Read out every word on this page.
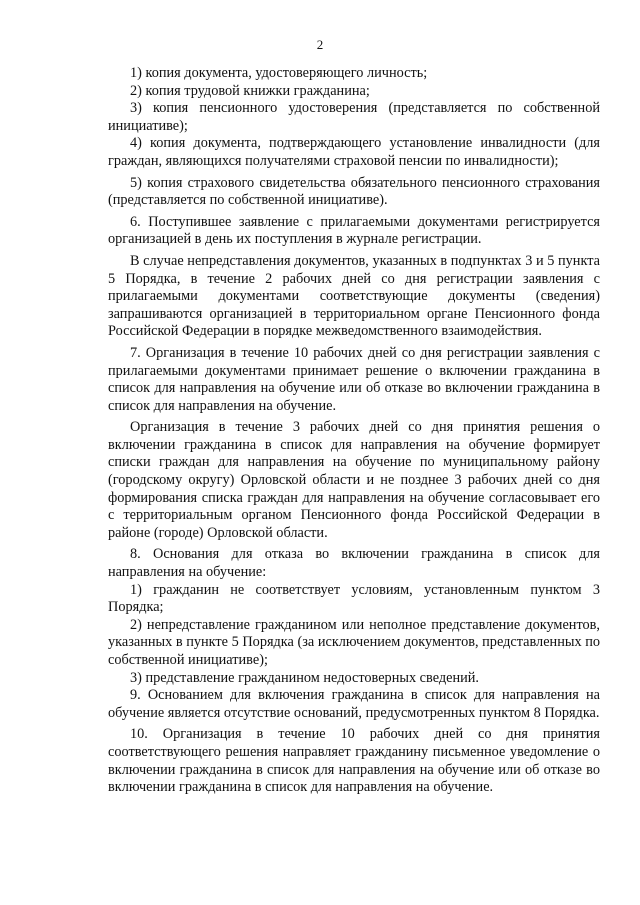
2

1) копия документа, удостоверяющего личность;

2) копия трудовой книжки гражданина;

3) копия пенсионного удостоверения (представляется по собственной инициативе);

4) копия документа, подтверждающего установление инвалидности (для граждан, являющихся получателями страховой пенсии по инвалидности);

5) копия страхового свидетельства обязательного пенсионного страхования (представляется по собственной инициативе).

6. Поступившее заявление с прилагаемыми документами регистрируется организацией в день их поступления в журнале регистрации.

В случае непредставления документов, указанных в подпунктах 3 и 5 пункта 5 Порядка, в течение 2 рабочих дней со дня регистрации заявления с прилагаемыми документами соответствующие документы (сведения) запрашиваются организацией в территориальном органе Пенсионного фонда Российской Федерации в порядке межведомственного взаимодействия.

7. Организация в течение 10 рабочих дней со дня регистрации заявления с прилагаемыми документами принимает решение о включении гражданина в список для направления на обучение или об отказе во включении гражданина в список для направления на обучение.

Организация в течение 3 рабочих дней со дня принятия решения о включении гражданина в список для направления на обучение формирует списки граждан для направления на обучение по муниципальному району (городскому округу) Орловской области и не позднее 3 рабочих дней со дня формирования списка граждан для направления на обучение согласовывает его с территориальным органом Пенсионного фонда Российской Федерации в районе (городе) Орловской области.

8. Основания для отказа во включении гражданина в список для направления на обучение:

1) гражданин не соответствует условиям, установленным пунктом 3 Порядка;

2) непредставление гражданином или неполное представление документов, указанных в пункте 5 Порядка (за исключением документов, представленных по собственной инициативе);

3) представление гражданином недостоверных сведений.

9. Основанием для включения гражданина в список для направления на обучение является отсутствие оснований, предусмотренных пунктом 8 Порядка.

10. Организация в течение 10 рабочих дней со дня принятия соответствующего решения направляет гражданину письменное уведомление о включении гражданина в список для направления на обучение или об отказе во включении гражданина в список для направления на обучение.
